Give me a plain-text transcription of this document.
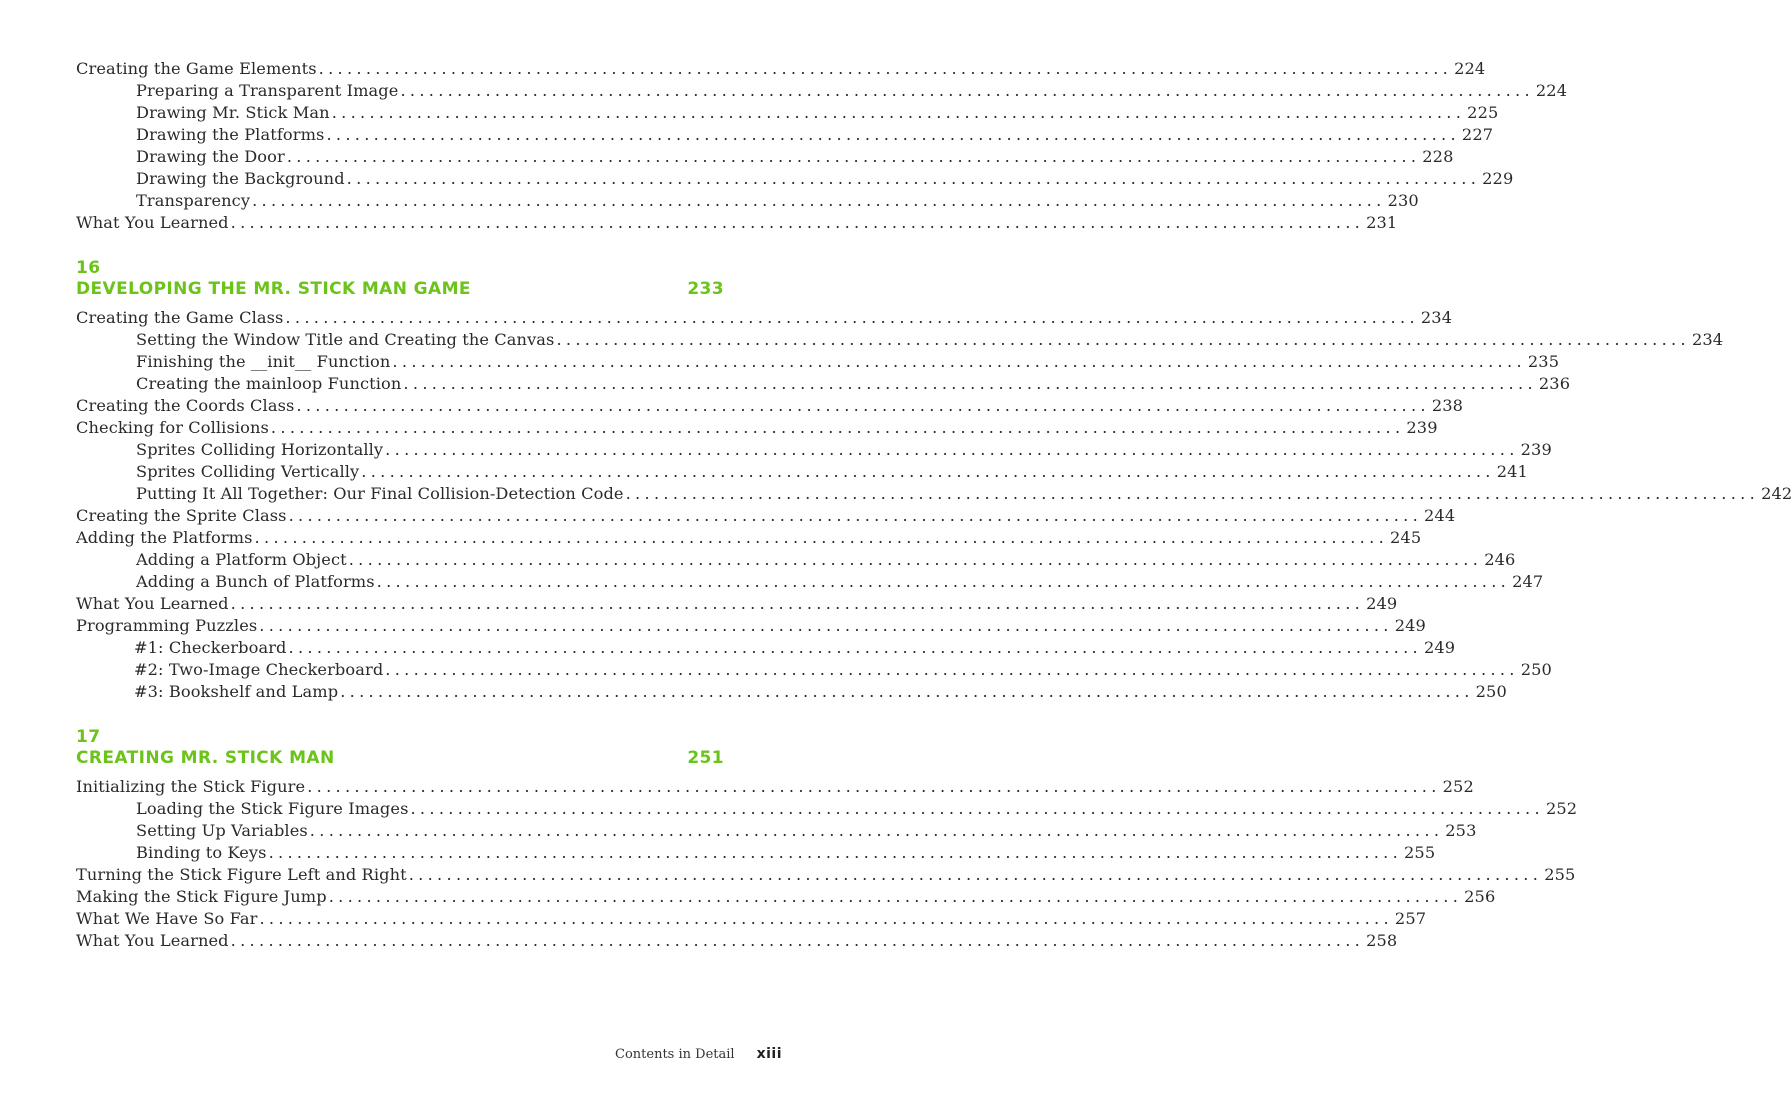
Creating the Game Elements ........................................................................................................................ 224
Preparing a Transparent Image ........................................................................................................................ 224
Drawing Mr. Stick Man ........................................................................................................................ 225
Drawing the Platforms ........................................................................................................................ 227
Drawing the Door ........................................................................................................................ 228
Drawing the Background ........................................................................................................................ 229
Transparency ........................................................................................................................ 230
What You Learned ........................................................................................................................ 231
16
DEVELOPING THE MR. STICK MAN GAME	233
Creating the Game Class ........................................................................................................................ 234
Setting the Window Title and Creating the Canvas ........................................................................................................................ 234
Finishing the __init__ Function ........................................................................................................................ 235
Creating the mainloop Function ........................................................................................................................ 236
Creating the Coords Class ........................................................................................................................ 238
Checking for Collisions ........................................................................................................................ 239
Sprites Colliding Horizontally ........................................................................................................................ 239
Sprites Colliding Vertically ........................................................................................................................ 241
Putting It All Together: Our Final Collision-Detection Code ........................................................................................................................ 242
Creating the Sprite Class ........................................................................................................................ 244
Adding the Platforms ........................................................................................................................ 245
Adding a Platform Object ........................................................................................................................ 246
Adding a Bunch of Platforms ........................................................................................................................ 247
What You Learned ........................................................................................................................ 249
Programming Puzzles ........................................................................................................................ 249
#1: Checkerboard ........................................................................................................................ 249
#2: Two-Image Checkerboard ........................................................................................................................ 250
#3: Bookshelf and Lamp ........................................................................................................................ 250
17
CREATING MR. STICK MAN	251
Initializing the Stick Figure ........................................................................................................................ 252
Loading the Stick Figure Images ........................................................................................................................ 252
Setting Up Variables ........................................................................................................................ 253
Binding to Keys ........................................................................................................................ 255
Turning the Stick Figure Left and Right ........................................................................................................................ 255
Making the Stick Figure Jump ........................................................................................................................ 256
What We Have So Far ........................................................................................................................ 257
What You Learned ........................................................................................................................ 258
Contents in Detail xiii
